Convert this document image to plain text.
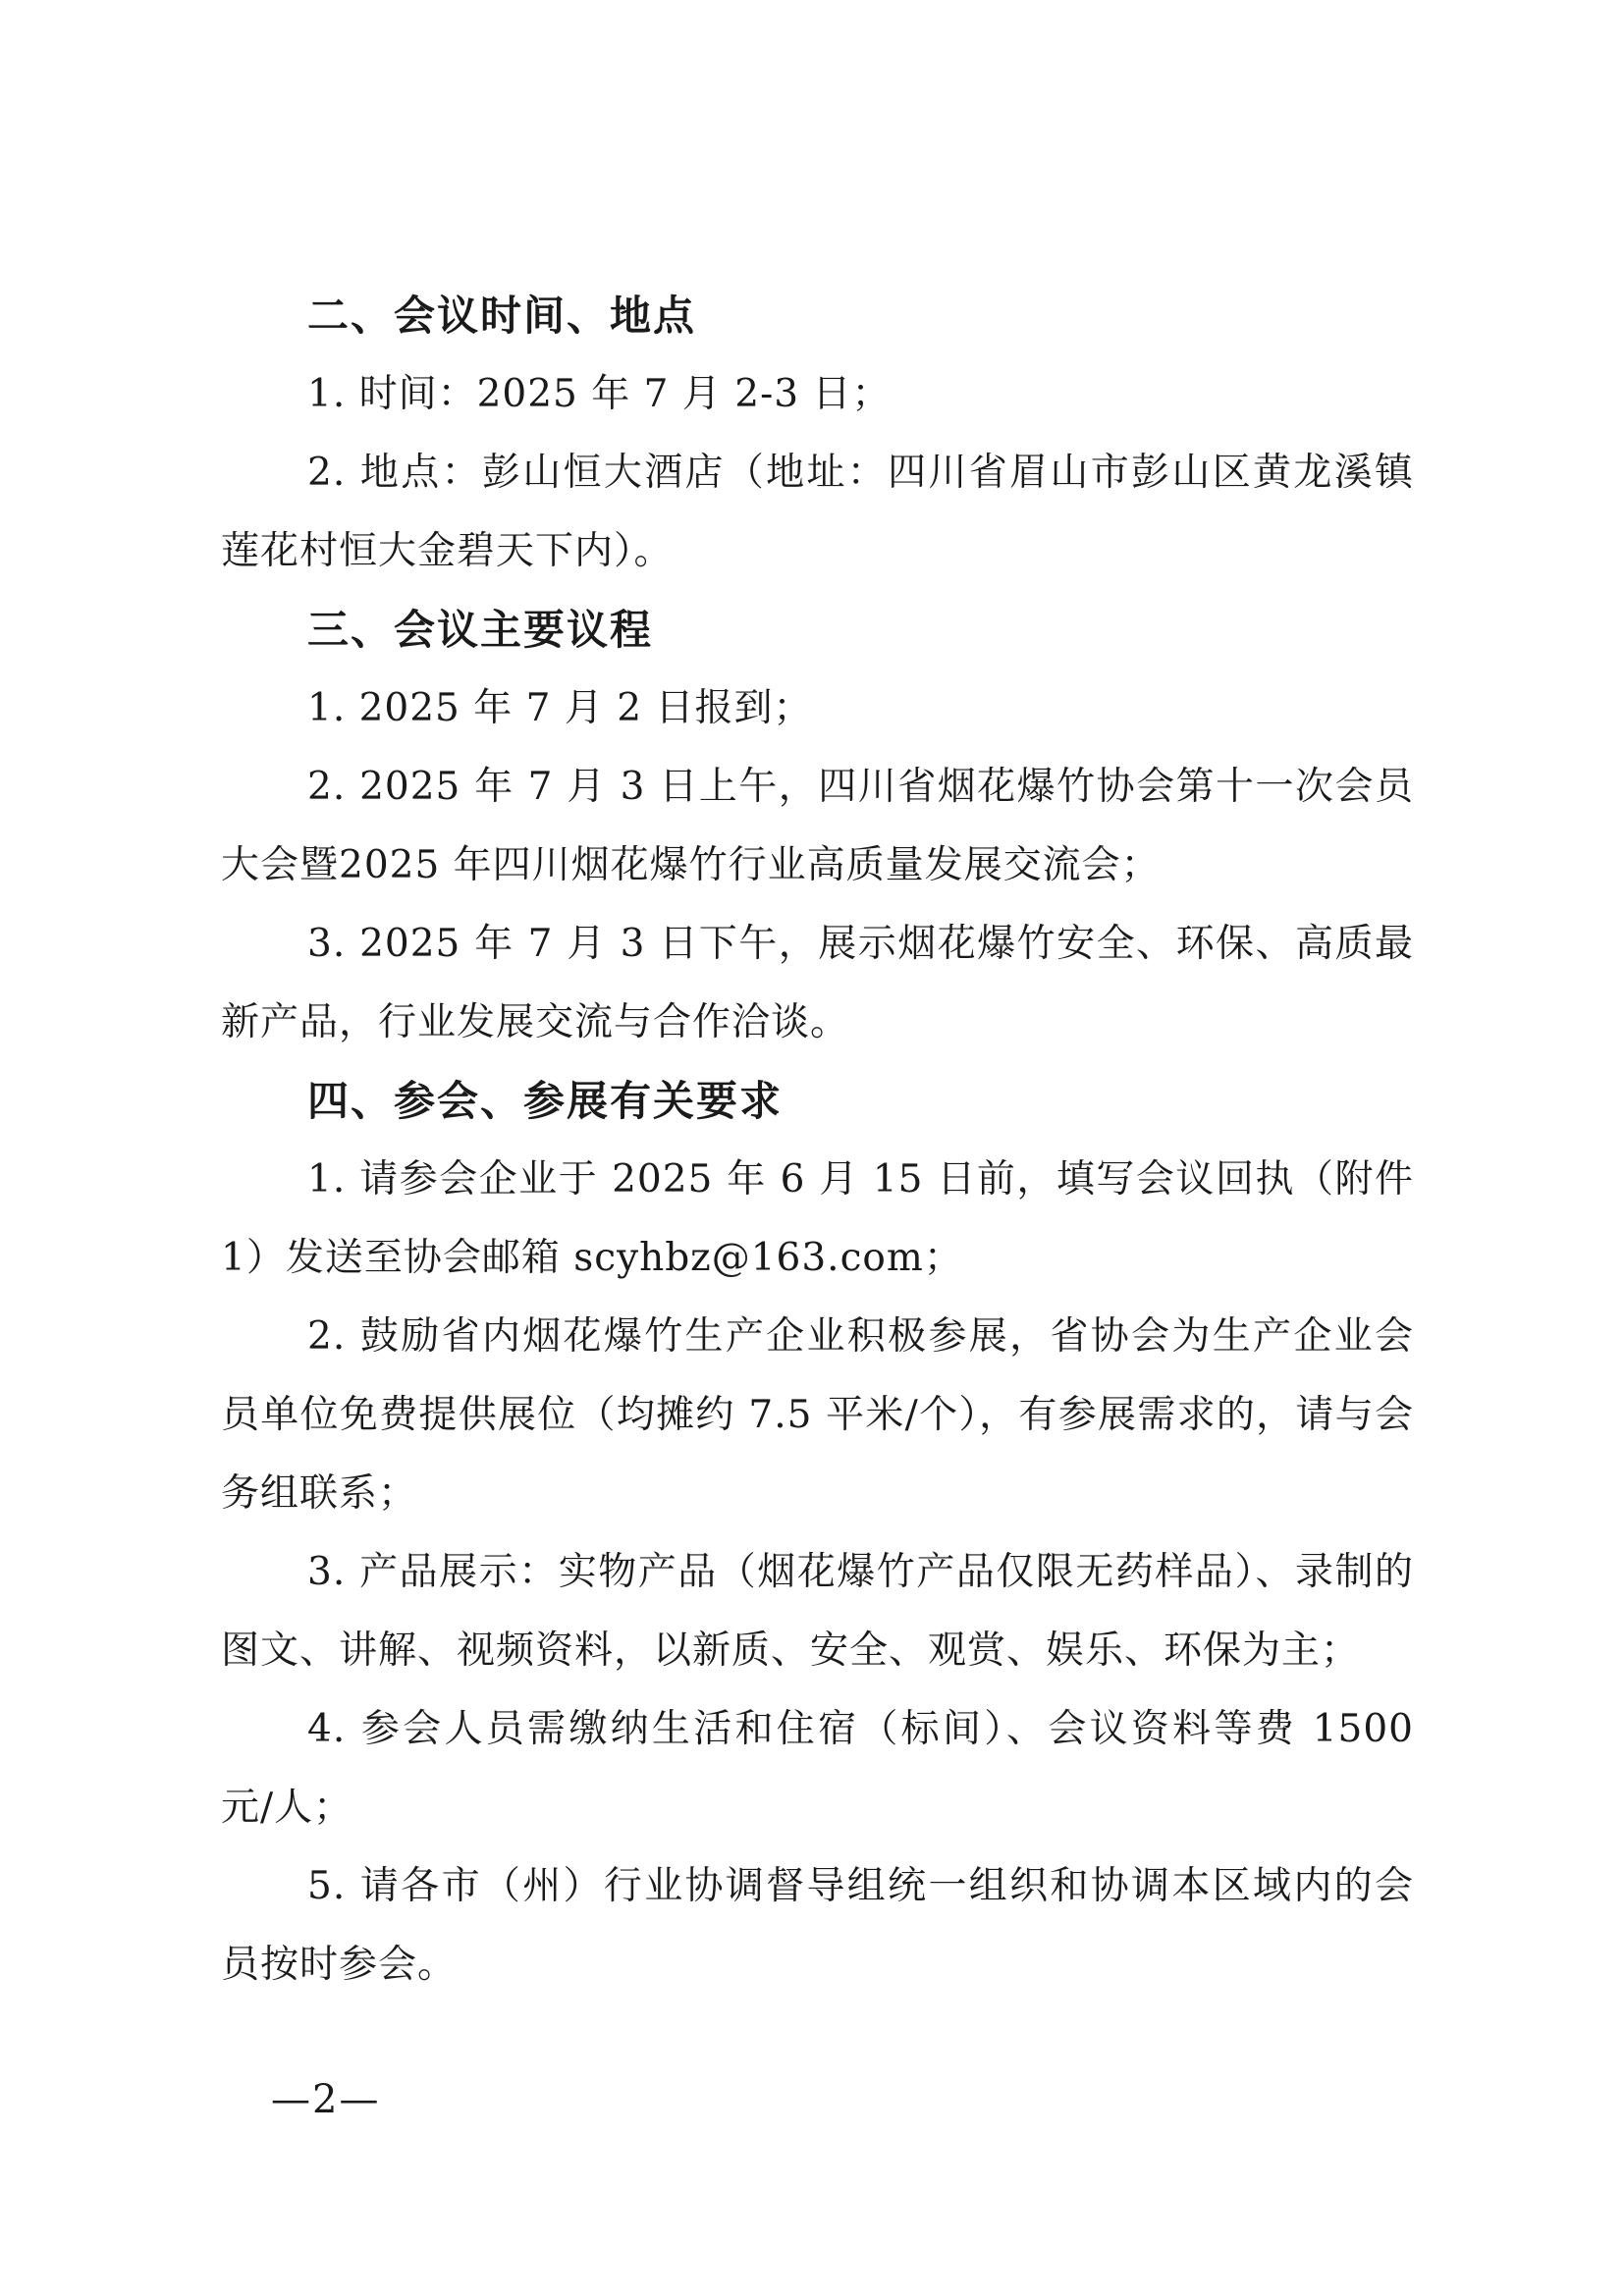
二、会议时间、地点

1. 时间：2025 年 7 月 2-3 日；

2. 地点：彭山恒大酒店（地址：四川省眉山市彭山区黄龙溪镇莲花村恒大金碧天下内）。

三、会议主要议程

1. 2025 年 7 月 2 日报到；

2. 2025 年 7 月 3 日上午，四川省烟花爆竹协会第十一次会员大会暨2025 年四川烟花爆竹行业高质量发展交流会；

3. 2025 年 7 月 3 日下午，展示烟花爆竹安全、环保、高质最新产品，行业发展交流与合作洽谈。

四、参会、参展有关要求

1. 请参会企业于 2025 年 6 月 15 日前，填写会议回执（附件1）发送至协会邮箱 scyhbz@163.com；

2. 鼓励省内烟花爆竹生产企业积极参展，省协会为生产企业会员单位免费提供展位（均摊约 7.5 平米/个），有参展需求的，请与会务组联系；

3. 产品展示：实物产品（烟花爆竹产品仅限无药样品）、录制的图文、讲解、视频资料，以新质、安全、观赏、娱乐、环保为主；

4. 参会人员需缴纳生活和住宿（标间）、会议资料等费 1500 元/人；

5. 请各市（州）行业协调督导组统一组织和协调本区域内的会员按时参会。

—2—
